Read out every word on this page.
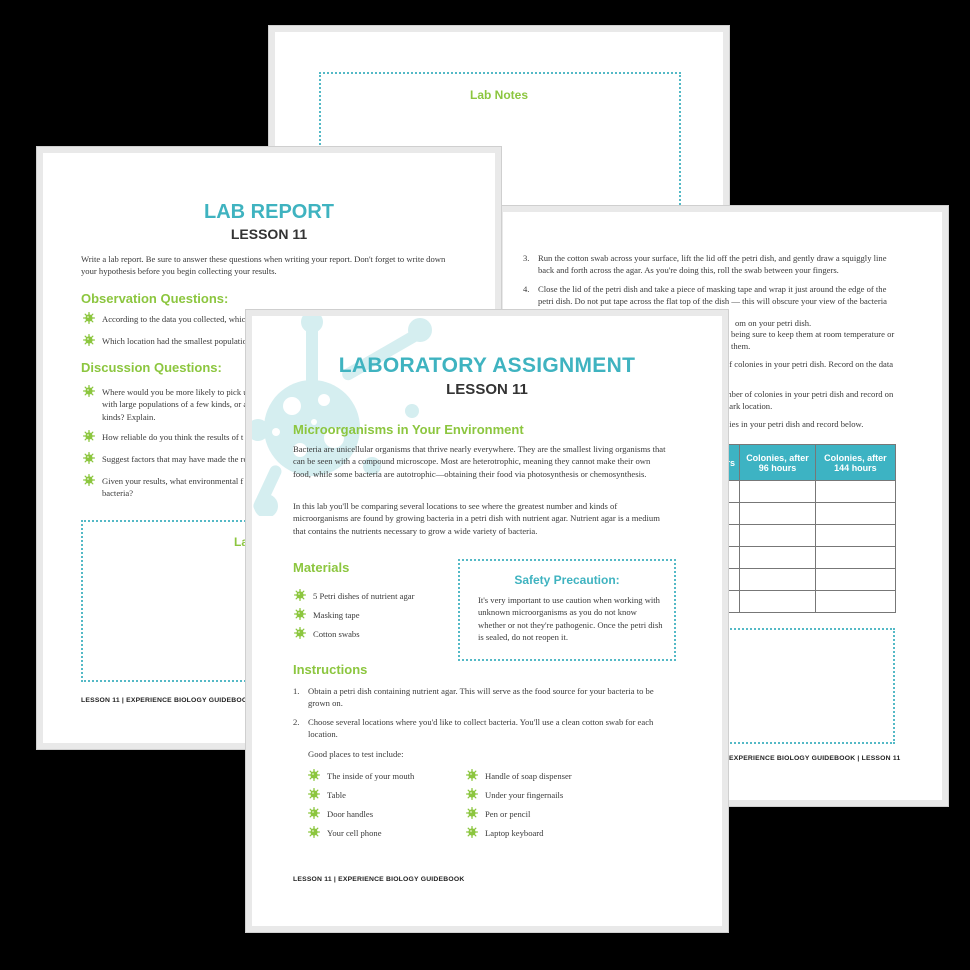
Lab Notes
3. Run the cotton swab across your surface, lift the lid off the petri dish, and gently draw a squiggly line back and forth across the agar. As you're doing this, roll the swab between your fingers.
4. Close the lid of the petri dish and take a piece of masking tape and wrap it just around the edge of the petri dish. Do not put tape across the flat top of the dish — this will obscure your view of the bacteria
om on your petri dish.
being sure to keep them at room temperature or
them.
of colonies in your petri dish. Record on the data
mber of colonies in your petri dish and record on
dark location.
nies in your petri dish and record below.
rs	Colonies, after 96 hours	Colonies, after 144 hours

s
EXPERIENCE BIOLOGY GUIDEBOOK | LESSON 11
LAB REPORT
LESSON 11
Write a lab report. Be sure to answer these questions when writing your report. Don't forget to write down your hypothesis before you begin collecting your results.
Observation Questions:
According to the data you collected, which
Which location had the smallest populatio
Discussion Questions:
Where would you be more likely to pick u with large populations of a few kinds, or a kinds? Explain.
How reliable do you think the results of t
Suggest factors that may have made the re
Given your results, what environmental f bacteria?
La
LESSON 11 | EXPERIENCE BIOLOGY GUIDEBOOK
LABORATORY ASSIGNMENT
LESSON 11
Microorganisms in Your Environment
Bacteria are unicellular organisms that thrive nearly everywhere. They are the smallest living organisms that can be seen with a compound microscope. Most are heterotrophic, meaning they cannot make their own food, while some bacteria are autotrophic—obtaining their food via photosynthesis or chemosynthesis.
In this lab you'll be comparing several locations to see where the greatest number and kinds of microorganisms are found by growing bacteria in a petri dish with nutrient agar. Nutrient agar is a medium that contains the nutrients necessary to grow a wide variety of bacteria.
Materials
5 Petri dishes of nutrient agar
Masking tape
Cotton swabs
Safety Precaution:
It's very important to use caution when working with unknown microorganisms as you do not know whether or not they're pathogenic. Once the petri dish is sealed, do not reopen it.
Instructions
1. Obtain a petri dish containing nutrient agar. This will serve as the food source for your bacteria to be grown on.
2. Choose several locations where you'd like to collect bacteria. You'll use a clean cotton swab for each location.
Good places to test include:
The inside of your mouth
Table
Door handles
Your cell phone
Handle of soap dispenser
Under your fingernails
Pen or pencil
Laptop keyboard
LESSON 11 | EXPERIENCE BIOLOGY GUIDEBOOK
